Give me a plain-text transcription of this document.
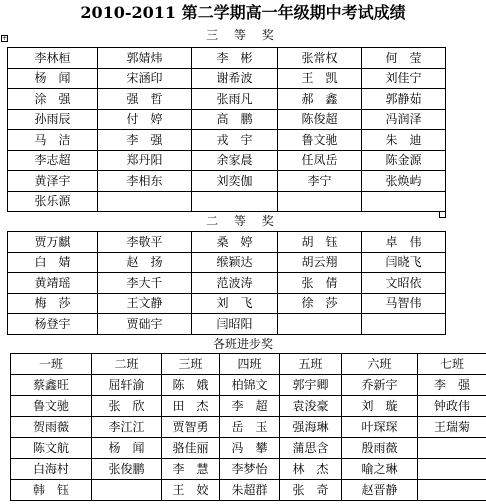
2010-2011 第二学期高一年级期中考试成绩
+	三 等 奖
李林桓	郭婧炜	李　彬	张常权	何　莹
杨　闻	宋涵印	谢希波	王　凯	刘佳宁
涂　强	强　哲	张雨凡	郝　鑫	郭静茹
孙雨辰	付　婷	高　鹏	陈俊超	冯润泽
马　洁	李　强	戎　宇	鲁文驰	朱　迪
李志超	郑丹阳	余家晨	任凤岳	陈金源
黄泽宇	李相东	刘奕伽	李宁	张焕屿
张乐源				
二 等 奖
贾万麒	李敬平	桑　婷	胡　钰	卓　伟
白　婧	赵　扬	缑颖达	胡云翔	闫晓飞
黄靖瑶	李大千	范波涛	张　倩	文昭依
梅　莎	王文静	刘　飞	徐　莎	马智伟
杨登宇	贾础宇	闫昭阳		
各班进步奖
一班	二班	三班	四班	五班	六班	七班
蔡鑫旺	屈轩渝	陈　娥	柏锦文	郭宇卿	乔新宇	李　强
鲁文驰	张　欣	田　杰	李　超	袁浚豪	刘　璇	钟政伟
贺雨薇	李江江	贾智勇	岳　玉	强海琳	叶琛琛	王瑞菊
陈文航	杨　闻	骆佳丽	冯　攀	蒲思含	殷雨薇	
白海村	张俊鹏	李　慧	李梦怡	林　杰	喻之琳	
韩　钰		王　姣	朱超群	张　奇	赵晋静	
